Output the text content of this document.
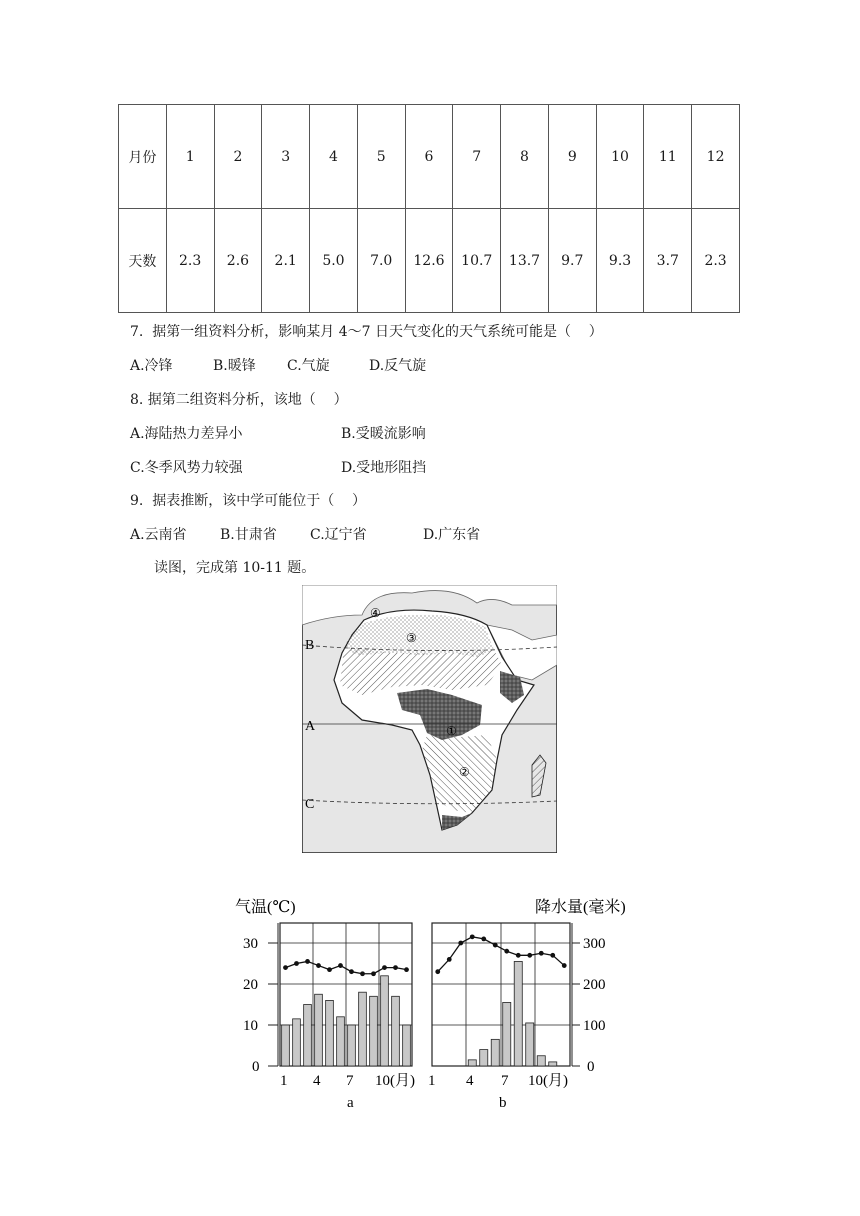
月份	1	2	3	4	5	6	7	8	9	10	11	12
天数	2.3	2.6	2.1	5.0	7.0	12.6	10.7	13.7	9.7	9.3	3.7	2.3
7.  据第一组资料分析，影响某月 4～7 日天气变化的天气系统可能是（    ）
A.冷锋	B.暖锋 C.气旋	D.反气旋
8. 据第二组资料分析，该地（    ）
A.海陆热力差异小	B.受暖流影响
C.冬季风势力较强	D.受地形阻挡
9.  据表推断，该中学可能位于（    ）
A.云南省 B.甘肃省 C.辽宁省	D.广东省
读图，完成第 10-11 题。
B
A
C
④
③
①
②
气温(℃)	降水量(毫米)
30
20
10
0
300
200
100
0
1 4 7 10(月) 1 4 7 10(月)
a	b
